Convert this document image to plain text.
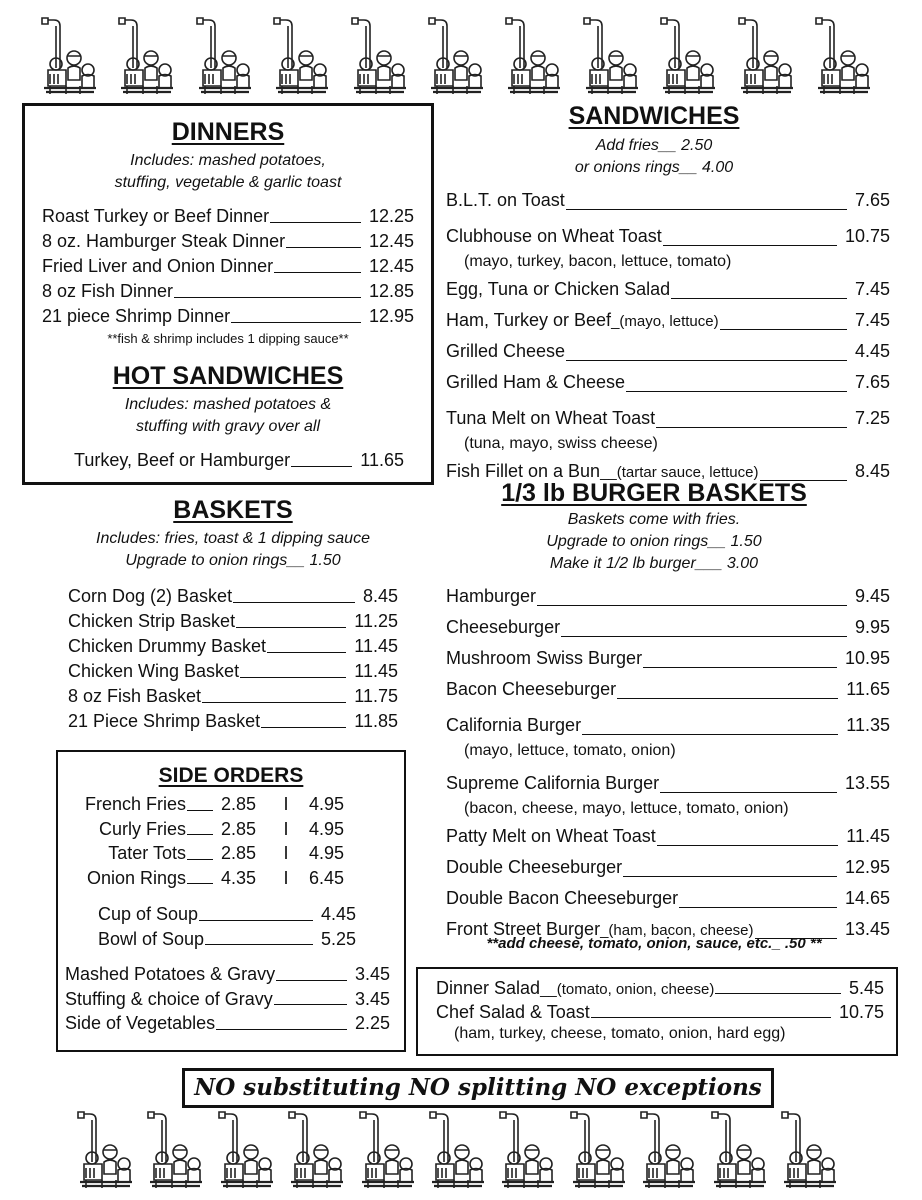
DINNERS
Includes: mashed potatoes,
stuffing, vegetable & garlic toast
Roast Turkey or Beef Dinner	12.25
8 oz. Hamburger Steak Dinner	12.45
Fried Liver and Onion Dinner	12.45
8 oz Fish Dinner	12.85
21 piece Shrimp Dinner	12.95
**fish & shrimp includes 1 dipping sauce**
HOT SANDWICHES
Includes: mashed potatoes &
stuffing with gravy over all
Turkey, Beef or Hamburger	11.65
BASKETS
Includes: fries, toast & 1 dipping sauce
Upgrade to onion rings__ 1.50
Corn Dog (2) Basket	8.45
Chicken Strip Basket	11.25
Chicken Drummy Basket	11.45
Chicken Wing Basket	11.45
8 oz Fish Basket	11.75
21 Piece Shrimp Basket	11.85
SIDE ORDERS
French Fries 2.85	I	4.95
Curly Fries 2.85	I	4.95
Tater Tots 2.85	I	4.95
Onion Rings 4.35	I	6.45
Cup of Soup	4.45
Bowl of Soup	5.25
Mashed Potatoes & Gravy	3.45
Stuffing & choice of Gravy	3.45
Side of Vegetables	2.25
SANDWICHES
Add fries__ 2.50
or onions rings__ 4.00
B.L.T. on Toast	7.65
Clubhouse on Wheat Toast	10.75
(mayo, turkey, bacon, lettuce, tomato)
Egg, Tuna or Chicken Salad	7.45
Ham, Turkey or Beef _(mayo, lettuce)	7.45
Grilled Cheese	4.45
Grilled Ham & Cheese	7.65
Tuna Melt on Wheat Toast	7.25
(tuna, mayo, swiss cheese)
Fish Fillet on a Bun __(tartar sauce, lettuce)	8.45
1/3 lb BURGER BASKETS
Baskets come with fries.
Upgrade to onion rings__ 1.50
Make it 1/2 lb burger___ 3.00
Hamburger	9.45
Cheeseburger	9.95
Mushroom Swiss Burger	10.95
Bacon Cheeseburger	11.65
California Burger	11.35
(mayo, lettuce, tomato, onion)
Supreme California Burger	13.55
(bacon, cheese, mayo, lettuce, tomato, onion)
Patty Melt on Wheat Toast	11.45
Double Cheeseburger	12.95
Double Bacon Cheeseburger	14.65
Front Street Burger _(ham, bacon, cheese)	13.45
**add cheese, tomato, onion, sauce, etc._ .50 **
Dinner Salad __(tomato, onion, cheese)	5.45
Chef Salad & Toast	10.75
(ham, turkey, cheese, tomato, onion, hard egg)
NO substituting NO splitting NO exceptions
